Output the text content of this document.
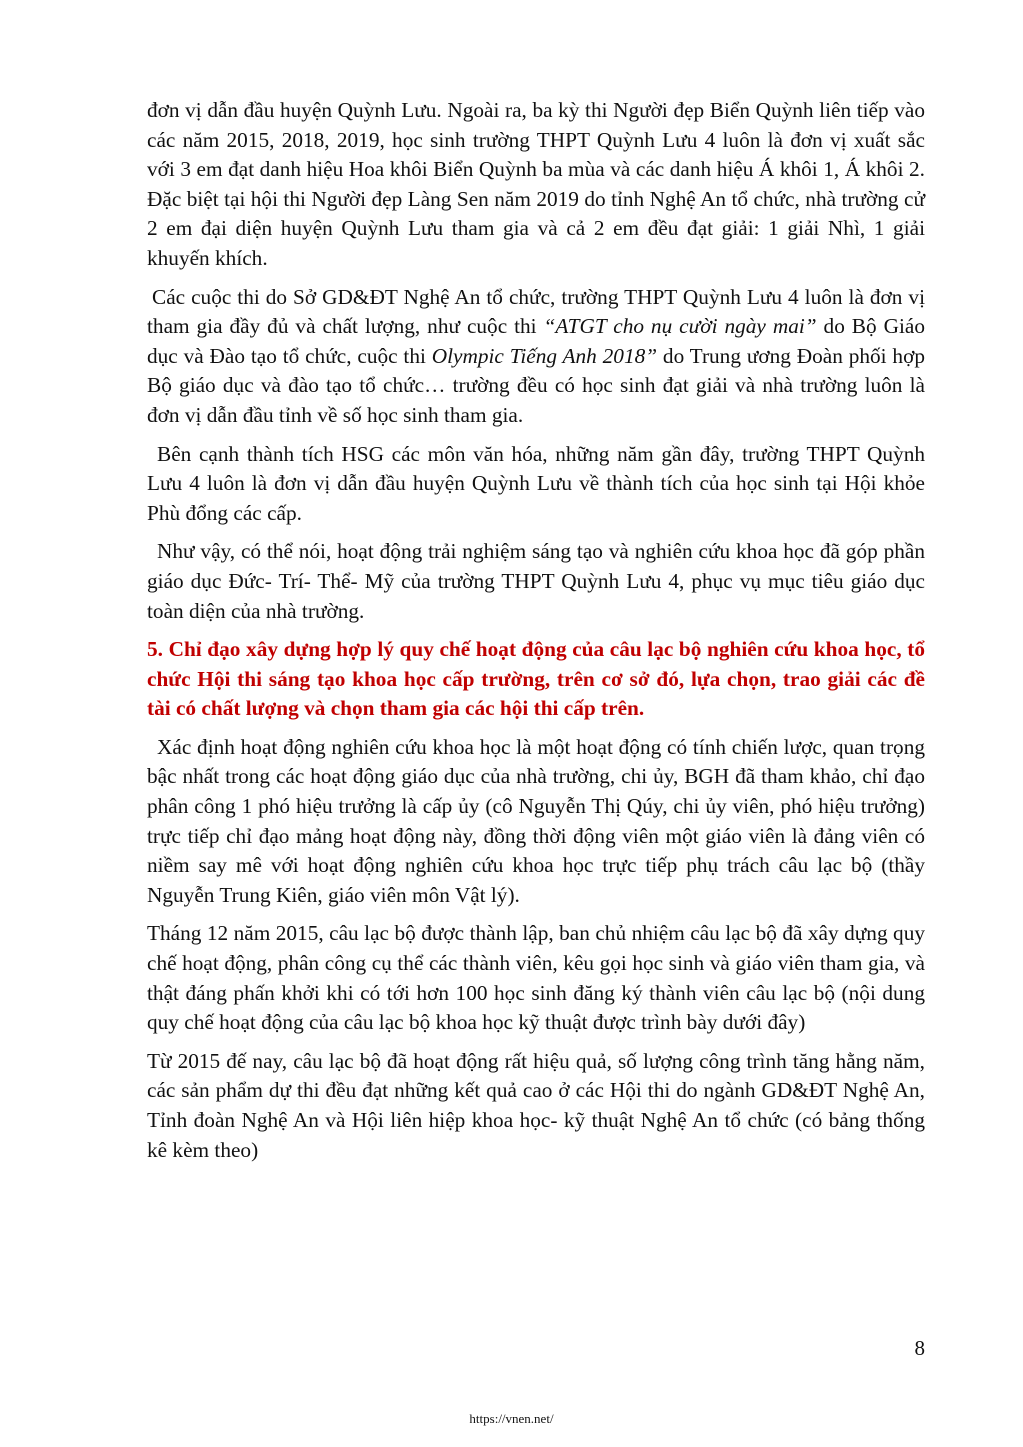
đơn vị dẫn đầu huyện Quỳnh Lưu. Ngoài ra, ba kỳ thi Người đẹp Biển Quỳnh liên tiếp vào các năm 2015, 2018, 2019, học sinh trường THPT Quỳnh Lưu 4 luôn là đơn vị xuất sắc với 3 em đạt danh hiệu Hoa khôi Biển Quỳnh ba mùa và các danh hiệu Á khôi 1, Á khôi 2. Đặc biệt tại hội thi Người đẹp Làng Sen năm 2019 do tỉnh Nghệ An tổ chức, nhà trường cử 2 em đại diện huyện Quỳnh Lưu tham gia và cả 2 em đều đạt giải: 1 giải Nhì, 1 giải khuyến khích.

Các cuộc thi do Sở GD&ĐT Nghệ An tổ chức, trường THPT Quỳnh Lưu 4 luôn là đơn vị tham gia đầy đủ và chất lượng, như cuộc thi “ATGT cho nụ cười ngày mai” do Bộ Giáo dục và Đào tạo tổ chức, cuộc thi Olympic Tiếng Anh 2018” do Trung ương Đoàn phối hợp Bộ giáo dục và đào tạo tổ chức… trường đều có học sinh đạt giải và nhà trường luôn là đơn vị dẫn đầu tỉnh về số học sinh tham gia.

Bên cạnh thành tích HSG các môn văn hóa, những năm gần đây, trường THPT Quỳnh Lưu 4 luôn là đơn vị dẫn đầu huyện Quỳnh Lưu về thành tích của học sinh tại Hội khỏe Phù đổng các cấp.

Như vậy, có thể nói, hoạt động trải nghiệm sáng tạo và nghiên cứu khoa học đã góp phần giáo dục Đức- Trí- Thể- Mỹ của trường THPT Quỳnh Lưu 4, phục vụ mục tiêu giáo dục toàn diện của nhà trường.

5. Chỉ đạo xây dựng hợp lý quy chế hoạt động của câu lạc bộ nghiên cứu khoa học, tổ chức Hội thi sáng tạo khoa học cấp trường, trên cơ sở đó, lựa chọn, trao giải các đề tài có chất lượng và chọn tham gia các hội thi cấp trên.

Xác định hoạt động nghiên cứu khoa học là một hoạt động có tính chiến lược, quan trọng bậc nhất trong các hoạt động giáo dục của nhà trường, chi ủy, BGH đã tham khảo, chỉ đạo phân công 1 phó hiệu trưởng là cấp ủy (cô Nguyễn Thị Qúy, chi ủy viên, phó hiệu trưởng) trực tiếp chỉ đạo mảng hoạt động này, đồng thời động viên một giáo viên là đảng viên có niềm say mê với hoạt động nghiên cứu khoa học trực tiếp phụ trách câu lạc bộ (thầy Nguyễn Trung Kiên, giáo viên môn Vật lý).

Tháng 12 năm 2015, câu lạc bộ được thành lập, ban chủ nhiệm câu lạc bộ đã xây dựng quy chế hoạt động, phân công cụ thể các thành viên, kêu gọi học sinh và giáo viên tham gia, và thật đáng phấn khởi khi có tới hơn 100 học sinh đăng ký thành viên câu lạc bộ (nội dung quy chế hoạt động của câu lạc bộ khoa học kỹ thuật được trình bày dưới đây)

Từ 2015 đế nay, câu lạc bộ đã hoạt động rất hiệu quả, số lượng công trình tăng hằng năm, các sản phẩm dự thi đều đạt những kết quả cao ở các Hội thi do ngành GD&ĐT Nghệ An, Tỉnh đoàn Nghệ An và Hội liên hiệp khoa học- kỹ thuật Nghệ An tổ chức (có bảng thống kê kèm theo)

8
https://vnen.net/
